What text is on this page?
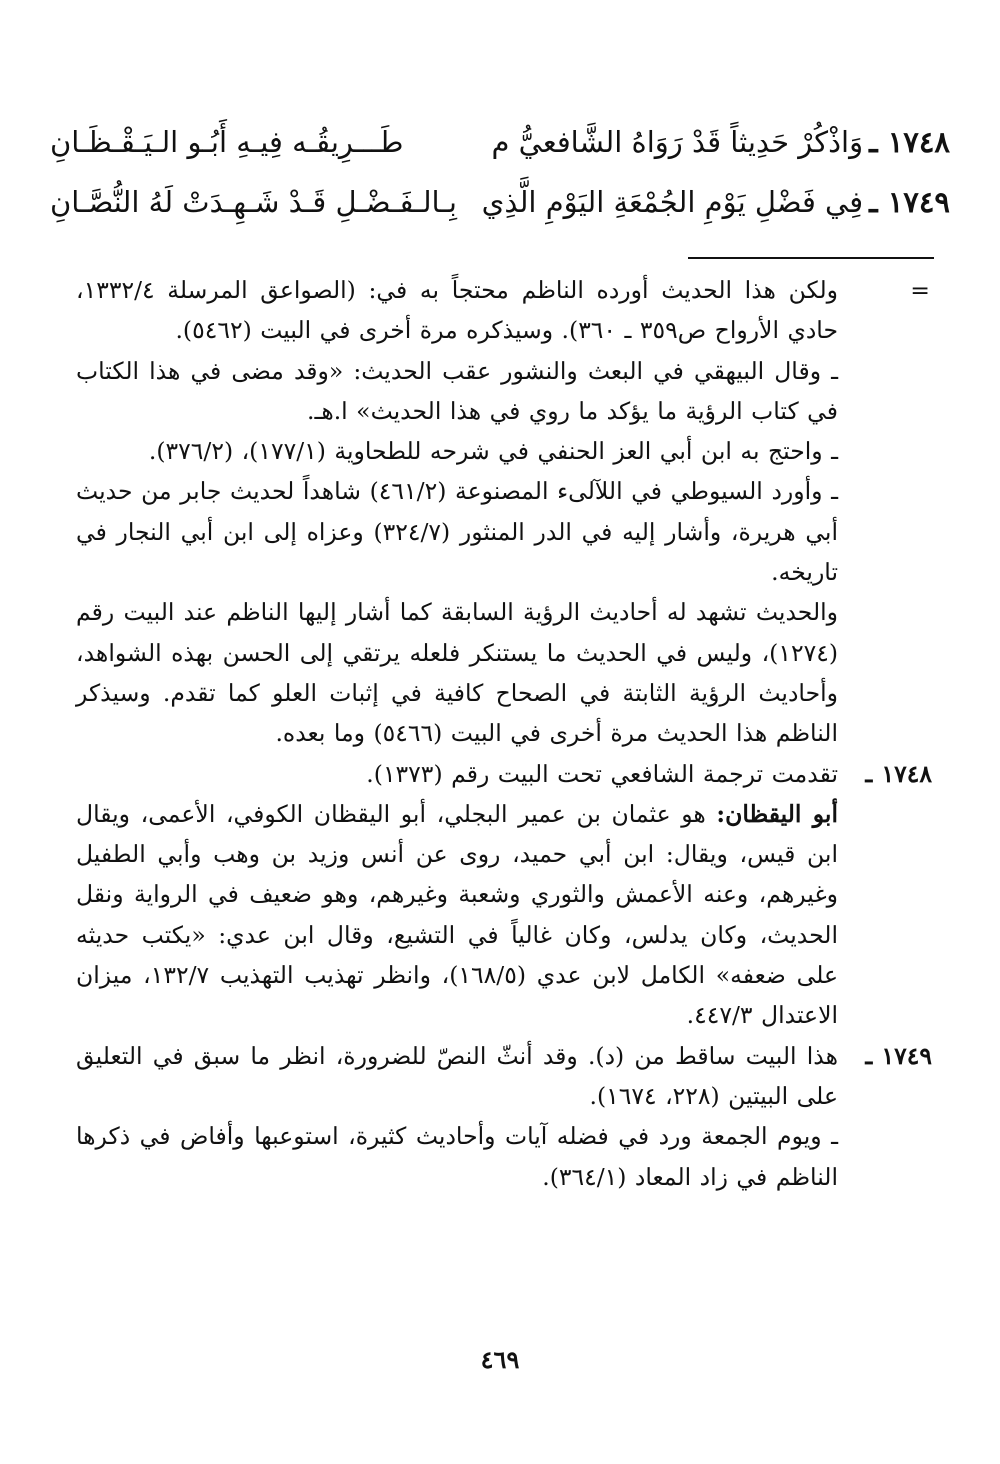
١٧٤٨ ـ
وَاذْكُرْ حَدِيثاً قَدْ رَوَاهُ الشَّافعيُّ م
طَـــرِيقُـه فِيـهِ أَبُـو الـيَـقْـظَـانِ
١٧٤٩ ـ
فِي فَضْلِ يَوْمِ الجُمْعَةِ اليَوْمِ الَّذِي
بِـالـفَـضْـلِ قَـدْ شَـهِـدَتْ لَهُ النُّصَّـانِ

=
ولكن هذا الحديث أورده الناظم محتجاً به في: (الصواعق المرسلة ١٣٣٢/٤، حادي الأرواح ص٣٥٩ ـ ٣٦٠). وسيذكره مرة أخرى في البيت (٥٤٦٢).

ـ وقال البيهقي في البعث والنشور عقب الحديث: «وقد مضى في هذا الكتاب في كتاب الرؤية ما يؤكد ما روي في هذا الحديث» ا.هـ.

ـ واحتج به ابن أبي العز الحنفي في شرحه للطحاوية (١٧٧/١)، (٣٧٦/٢).

ـ وأورد السيوطي في اللآلىء المصنوعة (٤٦١/٢) شاهداً لحديث جابر من حديث أبي هريرة، وأشار إليه في الدر المنثور (٣٢٤/٧) وعزاه إلى ابن أبي النجار في تاريخه.

والحديث تشهد له أحاديث الرؤية السابقة كما أشار إليها الناظم عند البيت رقم (١٢٧٤)، وليس في الحديث ما يستنكر فلعله يرتقي إلى الحسن بهذه الشواهد، وأحاديث الرؤية الثابتة في الصحاح كافية في إثبات العلو كما تقدم. وسيذكر الناظم هذا الحديث مرة أخرى في البيت (٥٤٦٦) وما بعده.

١٧٤٨ ـ
تقدمت ترجمة الشافعي تحت البيت رقم (١٣٧٣).

أبو اليقظان: هو عثمان بن عمير البجلي، أبو اليقظان الكوفي، الأعمى، ويقال ابن قيس، ويقال: ابن أبي حميد، روى عن أنس وزيد بن وهب وأبي الطفيل وغيرهم، وعنه الأعمش والثوري وشعبة وغيرهم، وهو ضعيف في الرواية ونقل الحديث، وكان يدلس، وكان غالياً في التشيع، وقال ابن عدي: «يكتب حديثه على ضعفه» الكامل لابن عدي (١٦٨/٥)، وانظر تهذيب التهذيب ١٣٢/٧، ميزان الاعتدال ٤٤٧/٣.

١٧٤٩ ـ
هذا البيت ساقط من (د). وقد أنثّ النصّ للضرورة، انظر ما سبق في التعليق على البيتين (٢٢٨، ١٦٧٤).

ـ ويوم الجمعة ورد في فضله آيات وأحاديث كثيرة، استوعبها وأفاض في ذكرها الناظم في زاد المعاد (٣٦٤/١).

٤٦٩
